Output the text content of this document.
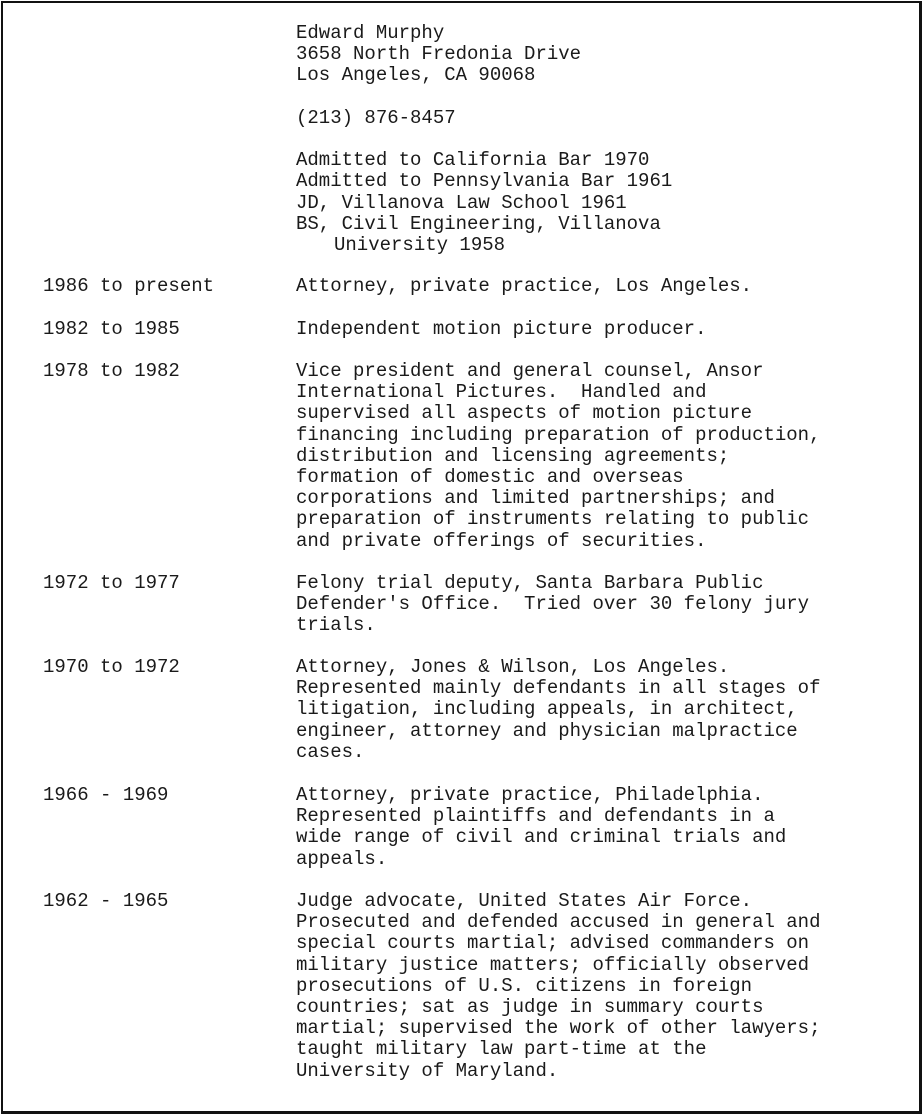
Edward Murphy
3658 North Fredonia Drive
Los Angeles, CA 90068
(213) 876-8457
Admitted to California Bar 1970
Admitted to Pennsylvania Bar 1961
JD, Villanova Law School 1961
BS, Civil Engineering, Villanova
University 1958
1986 to present	Attorney, private practice, Los Angeles.
1982 to 1985	Independent motion picture producer.
1978 to 1982	Vice president and general counsel, Ansor
International Pictures.  Handled and
supervised all aspects of motion picture
financing including preparation of production,
distribution and licensing agreements;
formation of domestic and overseas
corporations and limited partnerships; and
preparation of instruments relating to public
and private offerings of securities.
1972 to 1977	Felony trial deputy, Santa Barbara Public
Defender's Office.  Tried over 30 felony jury
trials.
1970 to 1972	Attorney, Jones & Wilson, Los Angeles.
Represented mainly defendants in all stages of
litigation, including appeals, in architect,
engineer, attorney and physician malpractice
cases.
1966 - 1969	Attorney, private practice, Philadelphia.
Represented plaintiffs and defendants in a
wide range of civil and criminal trials and
appeals.
1962 - 1965	Judge advocate, United States Air Force.
Prosecuted and defended accused in general and
special courts martial; advised commanders on
military justice matters; officially observed
prosecutions of U.S. citizens in foreign
countries; sat as judge in summary courts
martial; supervised the work of other lawyers;
taught military law part-time at the
University of Maryland.
